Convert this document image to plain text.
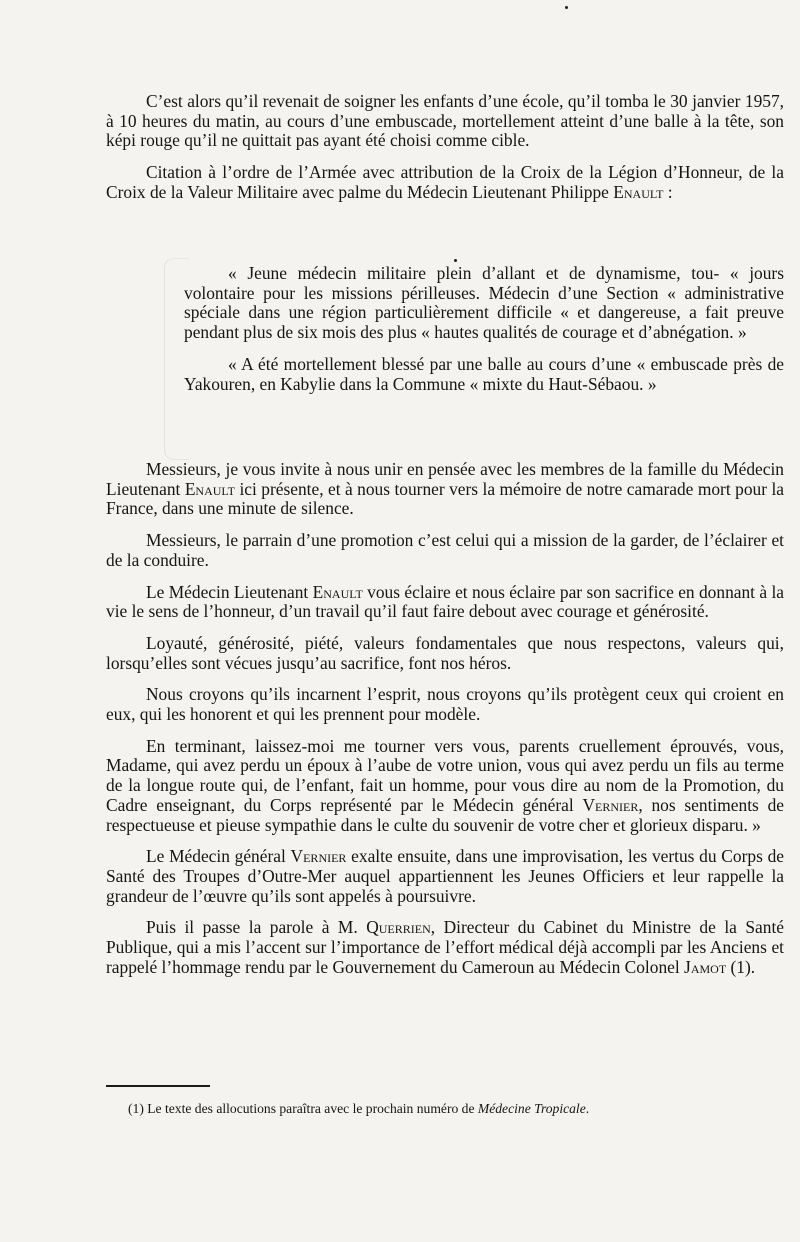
C’est alors qu’il revenait de soigner les enfants d’une école, qu’il tomba le 30 janvier 1957, à 10 heures du matin, au cours d’une embuscade, mortellement atteint d’une balle à la tête, son képi rouge qu’il ne quittait pas ayant été choisi comme cible.

Citation à l’ordre de l’Armée avec attribution de la Croix de la Légion d’Honneur, de la Croix de la Valeur Militaire avec palme du Médecin Lieutenant Philippe Enault :

« Jeune médecin militaire plein d’allant et de dynamisme, tou- « jours volontaire pour les missions périlleuses. Médecin d’une Section « administrative spéciale dans une région particulièrement difficile « et dangereuse, a fait preuve pendant plus de six mois des plus « hautes qualités de courage et d’abnégation. »

« A été mortellement blessé par une balle au cours d’une « embuscade près de Yakouren, en Kabylie dans la Commune « mixte du Haut-Sébaou. »

Messieurs, je vous invite à nous unir en pensée avec les membres de la famille du Médecin Lieutenant Enault ici présente, et à nous tourner vers la mémoire de notre camarade mort pour la France, dans une minute de silence.

Messieurs, le parrain d’une promotion c’est celui qui a mission de la garder, de l’éclairer et de la conduire.

Le Médecin Lieutenant Enault vous éclaire et nous éclaire par son sacrifice en donnant à la vie le sens de l’honneur, d’un travail qu’il faut faire debout avec courage et générosité.

Loyauté, générosité, piété, valeurs fondamentales que nous respectons, valeurs qui, lorsqu’elles sont vécues jusqu’au sacrifice, font nos héros.

Nous croyons qu’ils incarnent l’esprit, nous croyons qu’ils protègent ceux qui croient en eux, qui les honorent et qui les prennent pour modèle.

En terminant, laissez-moi me tourner vers vous, parents cruellement éprouvés, vous, Madame, qui avez perdu un époux à l’aube de votre union, vous qui avez perdu un fils au terme de la longue route qui, de l’enfant, fait un homme, pour vous dire au nom de la Promotion, du Cadre enseignant, du Corps représenté par le Médecin général Vernier, nos sentiments de respectueuse et pieuse sympathie dans le culte du souvenir de votre cher et glorieux disparu. »

Le Médecin général Vernier exalte ensuite, dans une improvisation, les vertus du Corps de Santé des Troupes d’Outre-Mer auquel appartiennent les Jeunes Officiers et leur rappelle la grandeur de l’œuvre qu’ils sont appelés à poursuivre.

Puis il passe la parole à M. Querrien, Directeur du Cabinet du Ministre de la Santé Publique, qui a mis l’accent sur l’importance de l’effort médical déjà accompli par les Anciens et rappelé l’hommage rendu par le Gouvernement du Cameroun au Médecin Colonel Jamot (1).

(1) Le texte des allocutions paraîtra avec le prochain numéro de Médecine Tropicale.
